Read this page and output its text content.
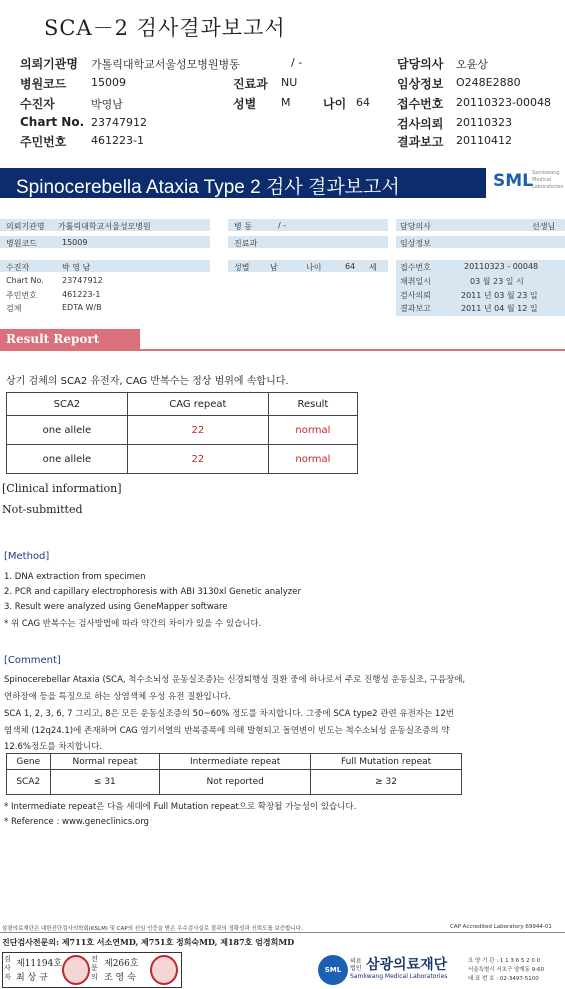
SCA－2 검사결과보고서
의뢰기관명 가톨릭대학교서울성모병원병동	/ -	담당의사 오윤상
병원코드 15009	진료과 NU	임상정보 O248E2880
수진자	박영남	성별 M	나이 64 접수번호 20110323-00048
Chart No. 23747912	검사의뢰 20110323
주민번호 461223-1	결과보고 20110412
Spinocerebella Ataxia Type 2 검사 결과보고서	SML Samkwang Medical Laboratories
의뢰기관명 가톨릭대학교서울성모병원	병 동	/ -	담당의사	선생님
병원코드	15009	진료과	임상정보
수진자	박 영 남	성별	남	나이	64 세
Chart No. 23747912
주민번호	461223-1
검체	EDTA W/B
접수번호	20110323 - 00048
채취일시	03 월 23 일 시
검사의뢰	2011 년 03 월 23 일
결과보고	2011 년 04 월 12 일
Result Report
상기 검체의 SCA2 유전자, CAG 반복수는 정상 범위에 속합니다.
SCA2	CAG repeat	Result
one allele	22	normal
one allele	22	normal
[Clinical information]
Not-submitted
[Method]
1. DNA extraction from specimen
2. PCR and capillary electrophoresis with ABI 3130xl Genetic analyzer
3. Result were analyzed using GeneMapper software
* 위 CAG 반복수는 검사방법에 따라 약간의 차이가 있을 수 있습니다.
[Comment]
Spinocerebellar Ataxia (SCA, 척수소뇌성 운동실조증)는 신경퇴행성 질환 중에 하나로서 주로 진행성 운동실조, 구음장애,
연하장애 등을 특징으로 하는 상염색체 우성 유전 질환입니다.
SCA 1, 2, 3, 6, 7 그리고, 8은 모든 운동실조증의 50~60% 정도를 차지합니다. 그중에 SCA type2 관련 유전자는 12번
염색체 (12q24.1)에 존재하며 CAG 염기서열의 반복증폭에 의해 발현되고 돌연변이 빈도는 척수소뇌성 운동실조증의 약
12.6%정도를 차지합니다.
Gene	Normal repeat	Intermediate repeat	Full Mutation repeat
SCA2	≤ 31	Not reported	≥ 32
* Intermediate repeat은 다음 세대에 Full Mutation repeat으로 확장될 가능성이 있습니다.
* Reference : www.geneclinics.org
삼광의료재단은 대한진단검사의학회(KSLM) 및 CAP의 신임 인증을 받은 우수검사실로 결과의 정확성과 신뢰도를 보증합니다.	CAP Accredited Laboratory 69944-01
진단검사전문의: 제711호 서소연MD, 제751호 정희숙MD, 제187호 엄경희MD
검사자
제11194호
최 상 규
전문의
제266호
조 영 숙
SML
의료법인 삼광의료재단
Samkwang Medical Laboratories
요 양 기 관 : 1 1 3 6 5 2 0 0
서울특별시 서초구 양재동 9-60
대 표 번 호 : 02-3497-5100
